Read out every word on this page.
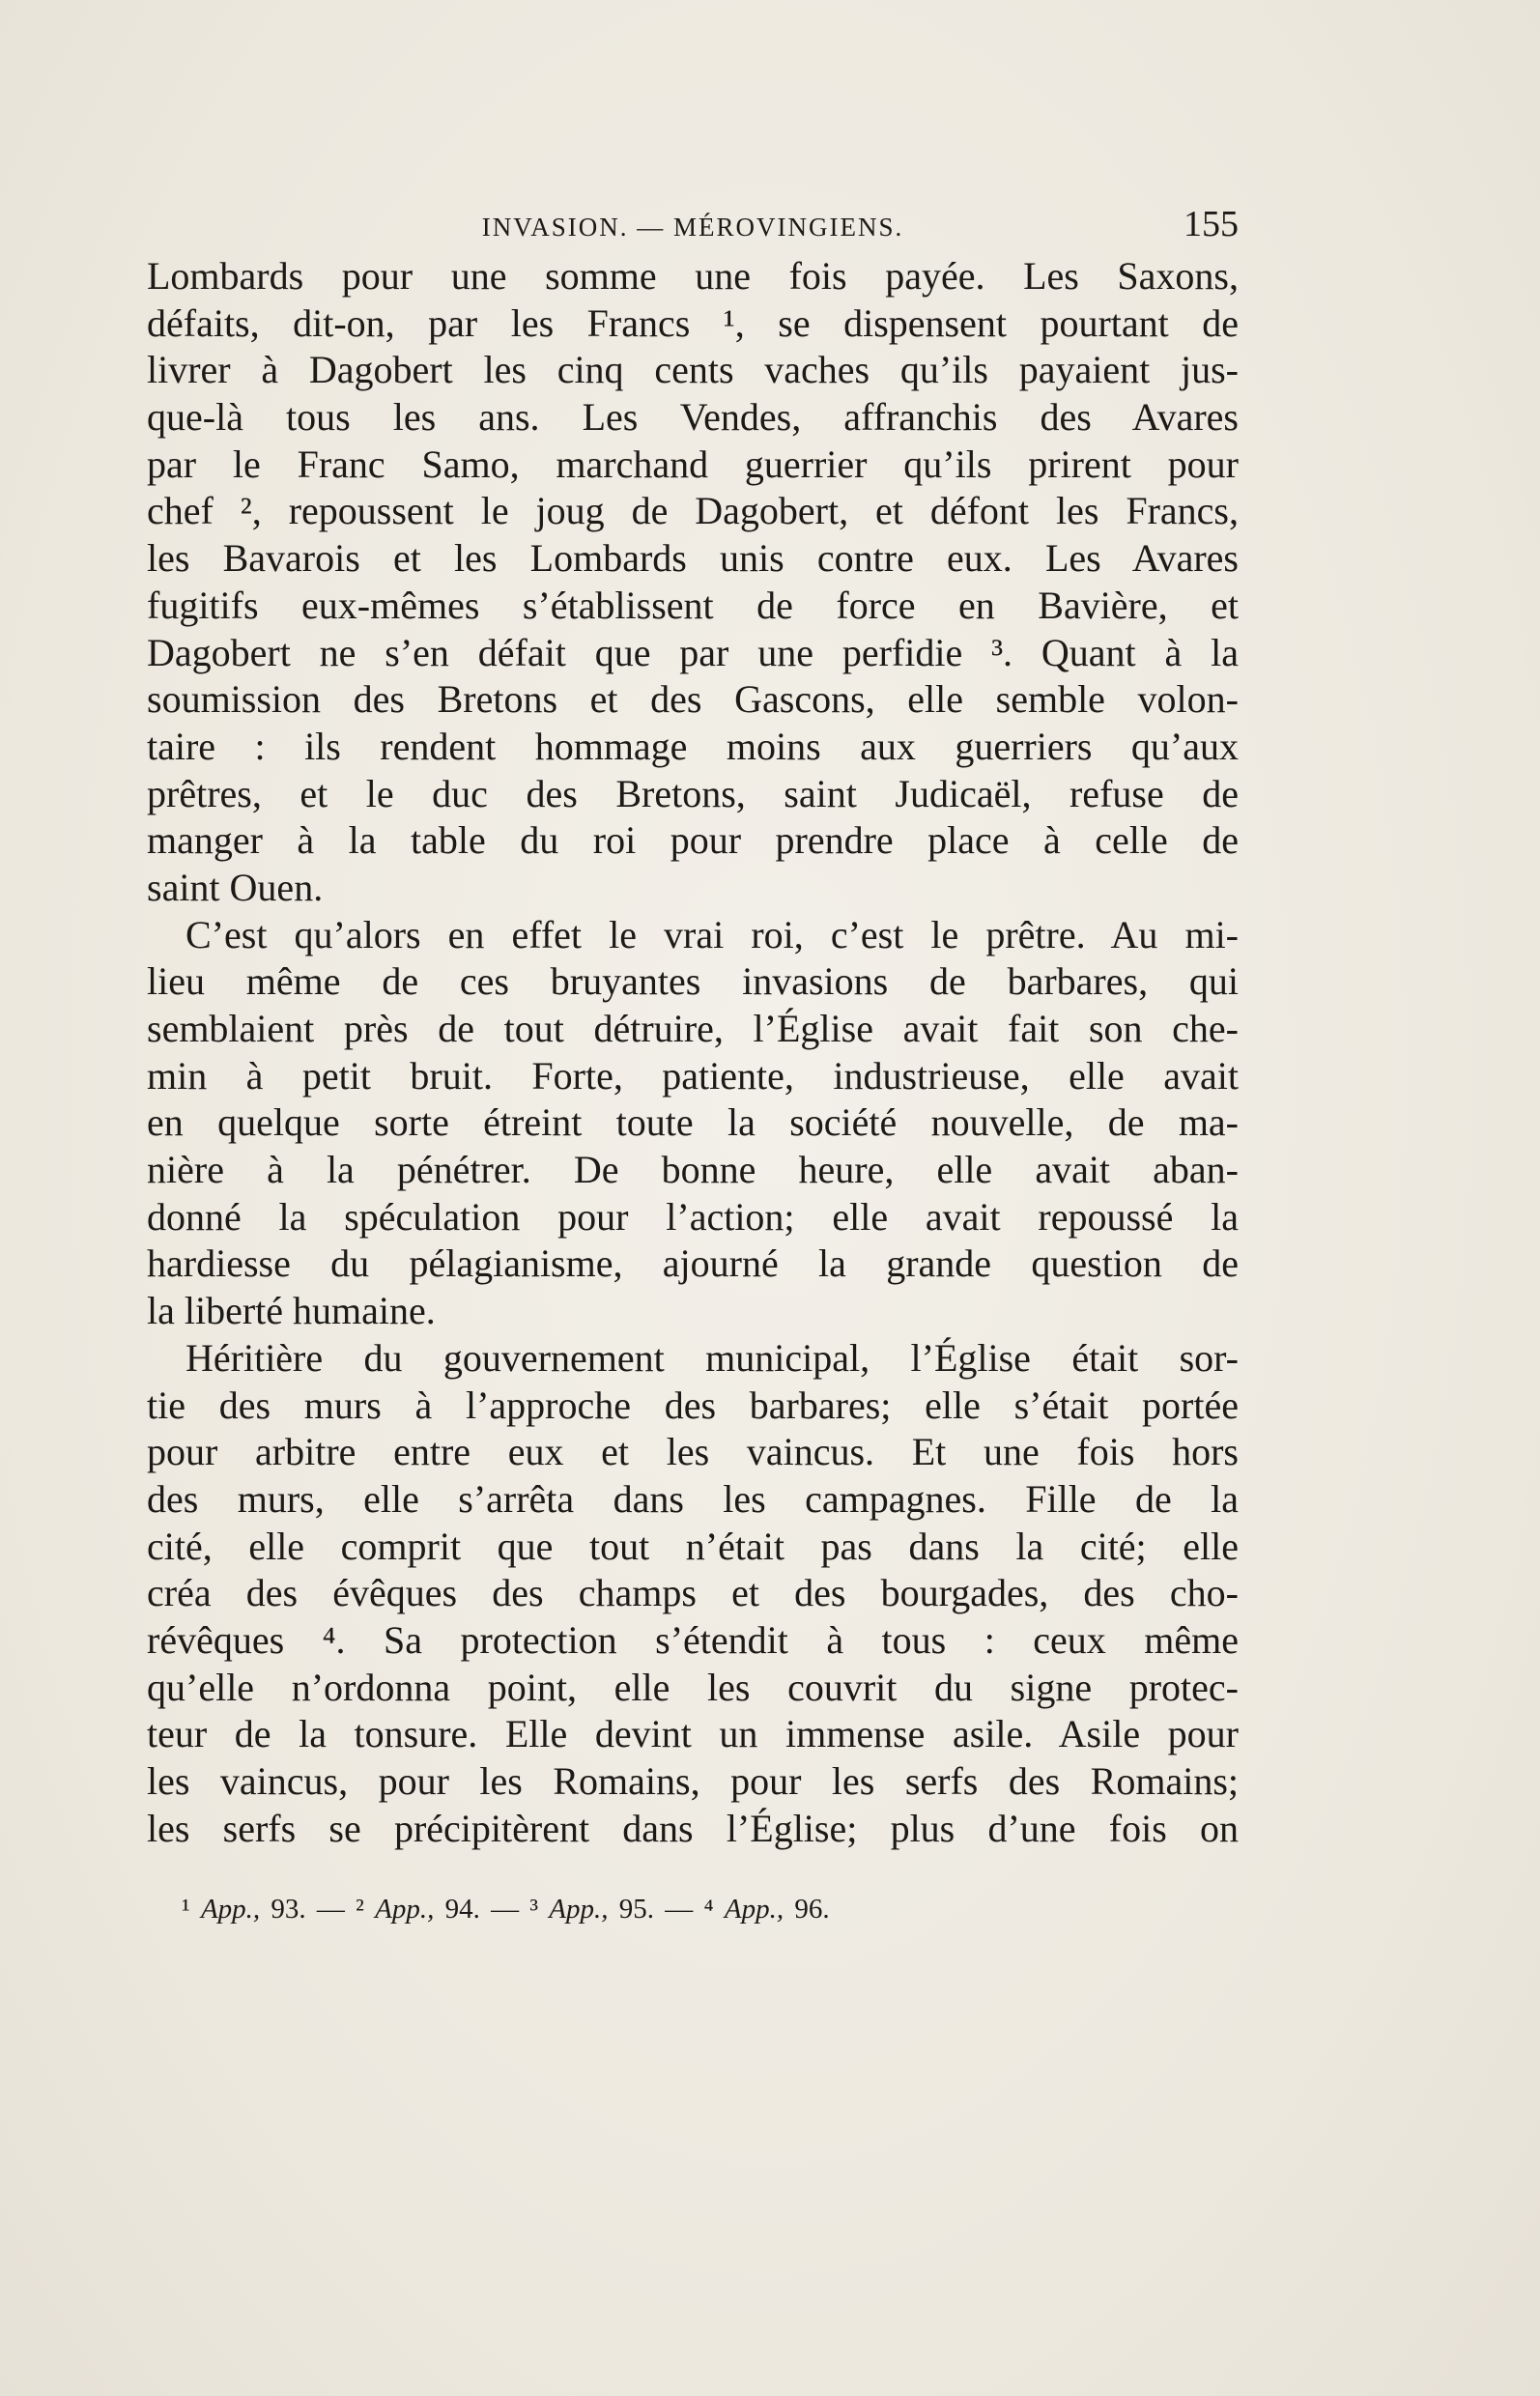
INVASION. — MÉROVINGIENS.	155
Lombards pour une somme une fois payée. Les Saxons,
défaits, dit-on, par les Francs ¹, se dispensent pourtant de
livrer à Dagobert les cinq cents vaches qu’ils payaient jus-
que-là tous les ans. Les Vendes, affranchis des Avares
par le Franc Samo, marchand guerrier qu’ils prirent pour
chef ², repoussent le joug de Dagobert, et défont les Francs,
les Bavarois et les Lombards unis contre eux. Les Avares
fugitifs eux-mêmes s’établissent de force en Bavière, et
Dagobert ne s’en défait que par une perfidie ³. Quant à la
soumission des Bretons et des Gascons, elle semble volon-
taire : ils rendent hommage moins aux guerriers qu’aux
prêtres, et le duc des Bretons, saint Judicaël, refuse de
manger à la table du roi pour prendre place à celle de
saint Ouen.
C’est qu’alors en effet le vrai roi, c’est le prêtre. Au mi-
lieu même de ces bruyantes invasions de barbares, qui
semblaient près de tout détruire, l’Église avait fait son che-
min à petit bruit. Forte, patiente, industrieuse, elle avait
en quelque sorte étreint toute la société nouvelle, de ma-
nière à la pénétrer. De bonne heure, elle avait aban-
donné la spéculation pour l’action; elle avait repoussé la
hardiesse du pélagianisme, ajourné la grande question de
la liberté humaine.
Héritière du gouvernement municipal, l’Église était sor-
tie des murs à l’approche des barbares; elle s’était portée
pour arbitre entre eux et les vaincus. Et une fois hors
des murs, elle s’arrêta dans les campagnes. Fille de la
cité, elle comprit que tout n’était pas dans la cité; elle
créa des évêques des champs et des bourgades, des cho-
révêques ⁴. Sa protection s’étendit à tous : ceux même
qu’elle n’ordonna point, elle les couvrit du signe protec-
teur de la tonsure. Elle devint un immense asile. Asile pour
les vaincus, pour les Romains, pour les serfs des Romains;
les serfs se précipitèrent dans l’Église; plus d’une fois on
¹ App., 93. — ² App., 94. — ³ App., 95. — ⁴ App., 96.
